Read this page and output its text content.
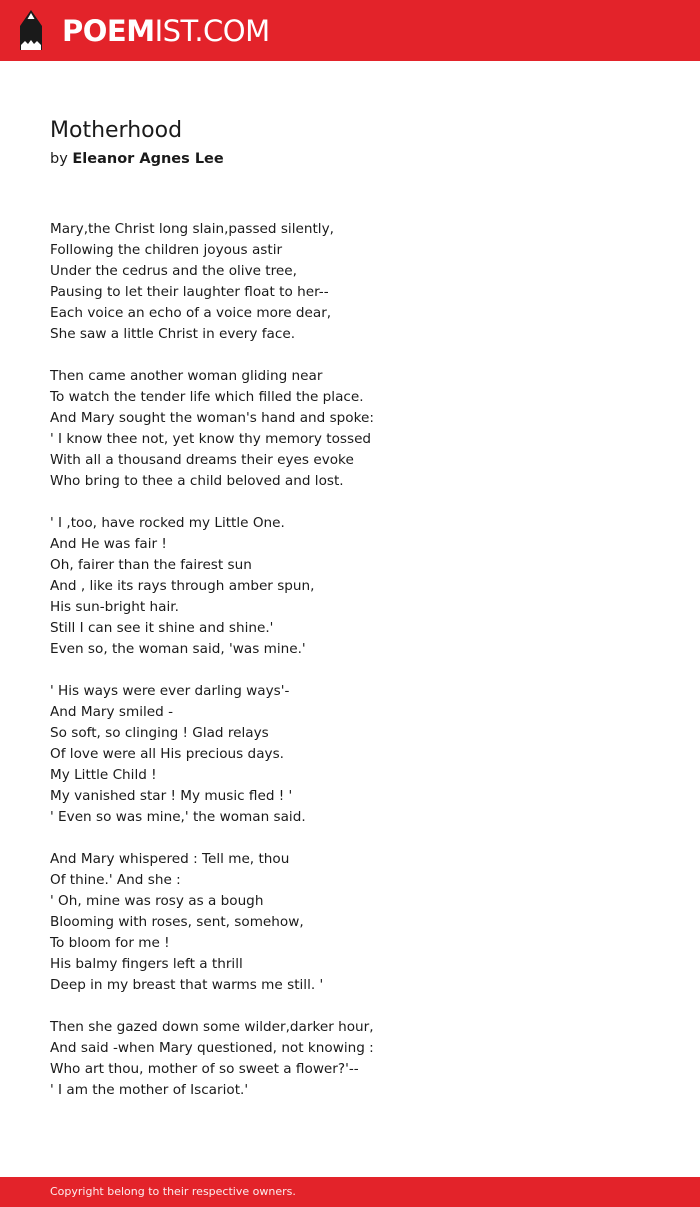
POEMIST.COM
Motherhood
by Eleanor Agnes Lee
Mary,the Christ long slain,passed silently,
Following the children joyous astir
Under the cedrus and the olive tree,
Pausing to let their laughter float to her--
Each voice an echo of a voice more dear,
She saw a little Christ in every face.
Then came another woman gliding near
To watch the tender life which filled the place.
And Mary sought the woman's hand and spoke:
' I know thee not, yet know thy memory tossed
With all a thousand dreams their eyes evoke
Who bring to thee a child beloved and lost.
' I ,too, have rocked my Little One.
And He was fair !
Oh, fairer than the fairest sun
And , like its rays through amber spun,
His sun-bright hair.
Still I can see it shine and shine.'
Even so, the woman said, 'was mine.'
' His ways were ever darling ways'-
And Mary smiled -
So soft, so clinging ! Glad relays
Of love were all His precious days.
My Little Child !
My vanished star ! My music fled ! '
' Even so was mine,' the woman said.
And Mary whispered : Tell me, thou
Of thine.' And she :
' Oh, mine was rosy as a bough
Blooming with roses, sent, somehow,
To bloom for me !
His balmy fingers left a thrill
Deep in my breast that warms me still. '
Then she gazed down some wilder,darker hour,
And said -when Mary questioned, not knowing :
Who art thou, mother of so sweet a flower?'--
' I am the mother of Iscariot.'
Copyright belong to their respective owners.
